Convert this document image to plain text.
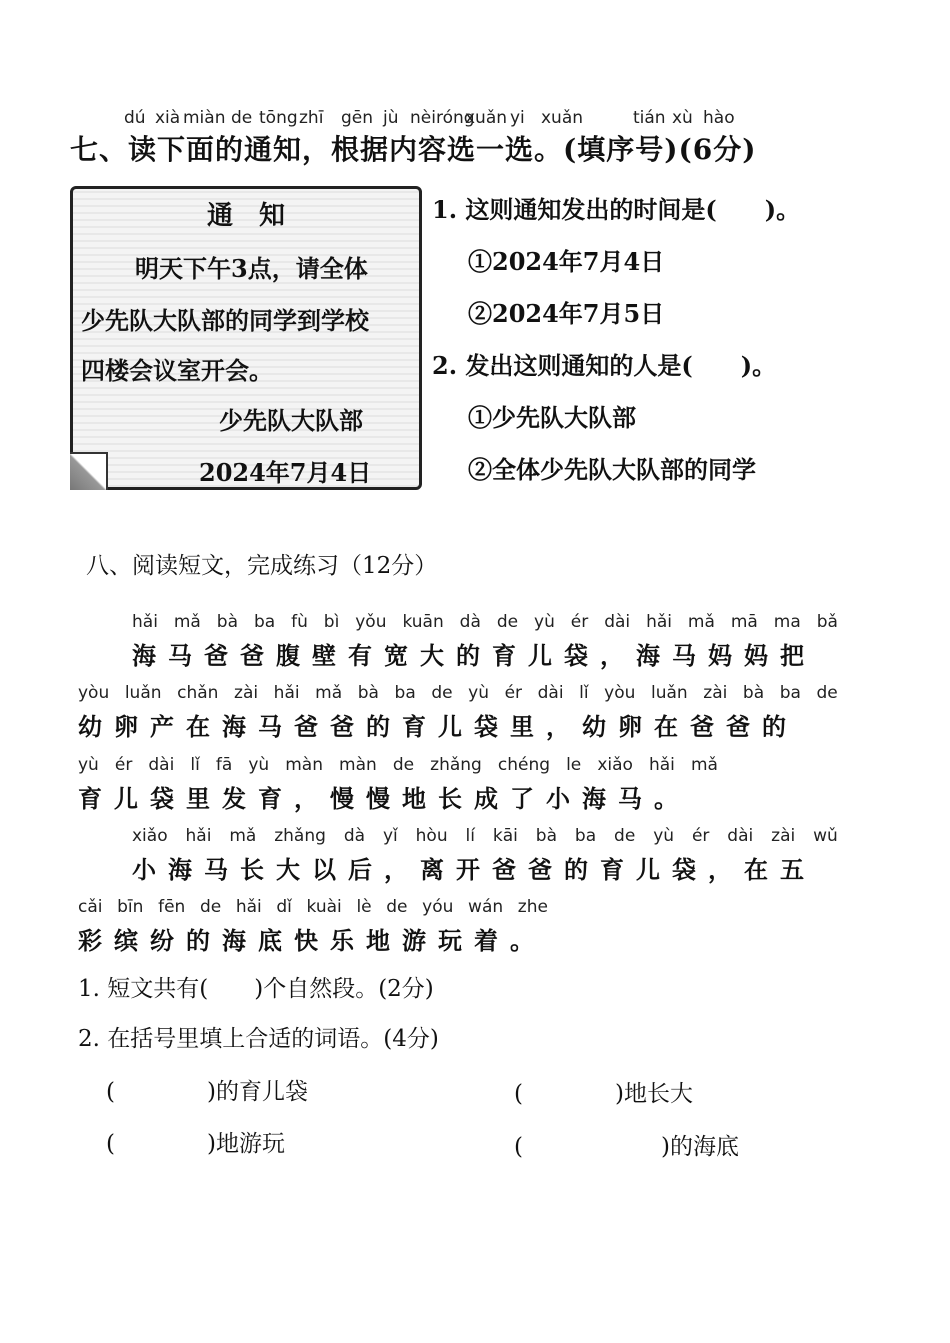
dú xià miàn de tōng zhī gēn jù nèi róng
xuǎn yi xuǎn	tián xù hào
七、读下面的通知，根据内容选一选。(填序号)(6分)
通　知
明天下午3点，请全体
少先队大队部的同学到学校
四楼会议室开会。
少先队大队部
2024年7月4日
1. 这则通知发出的时间是(　　)。
①2024年7月4日
②2024年7月5日
2. 发出这则通知的人是(　　)。
①少先队大队部
②全体少先队大队部的同学
八、阅读短文，完成练习（12分）
hǎi mǎ bà ba fù bì yǒu kuān dà de yù ér dài hǎi mǎ mā ma bǎ
海马爸爸腹壁有宽大的育儿袋，海马妈妈把
yòu luǎn chǎn zài hǎi mǎ bà ba de yù ér dài lǐ yòu luǎn zài bà ba de
幼卵产在海马爸爸的育儿袋里，幼卵在爸爸的
yù ér dài lǐ fā yù màn màn de zhǎng chéng le xiǎo hǎi mǎ
育儿袋里发育，慢慢地长成了小海马。
xiǎo hǎi mǎ zhǎng dà yǐ hòu lí kāi bà ba de yù ér dài zài wǔ
小海马长大以后，离开爸爸的育儿袋，在五
cǎi bīn fēn de hǎi dǐ kuài lè de yóu wán zhe
彩缤纷的海底快乐地游玩着。
1. 短文共有(　　)个自然段。(2分)
2. 在括号里填上合适的词语。(4分)
(　　　　)的育儿袋	(　　　　)地长大
(　　　　)地游玩	(　　　　　　)的海底
